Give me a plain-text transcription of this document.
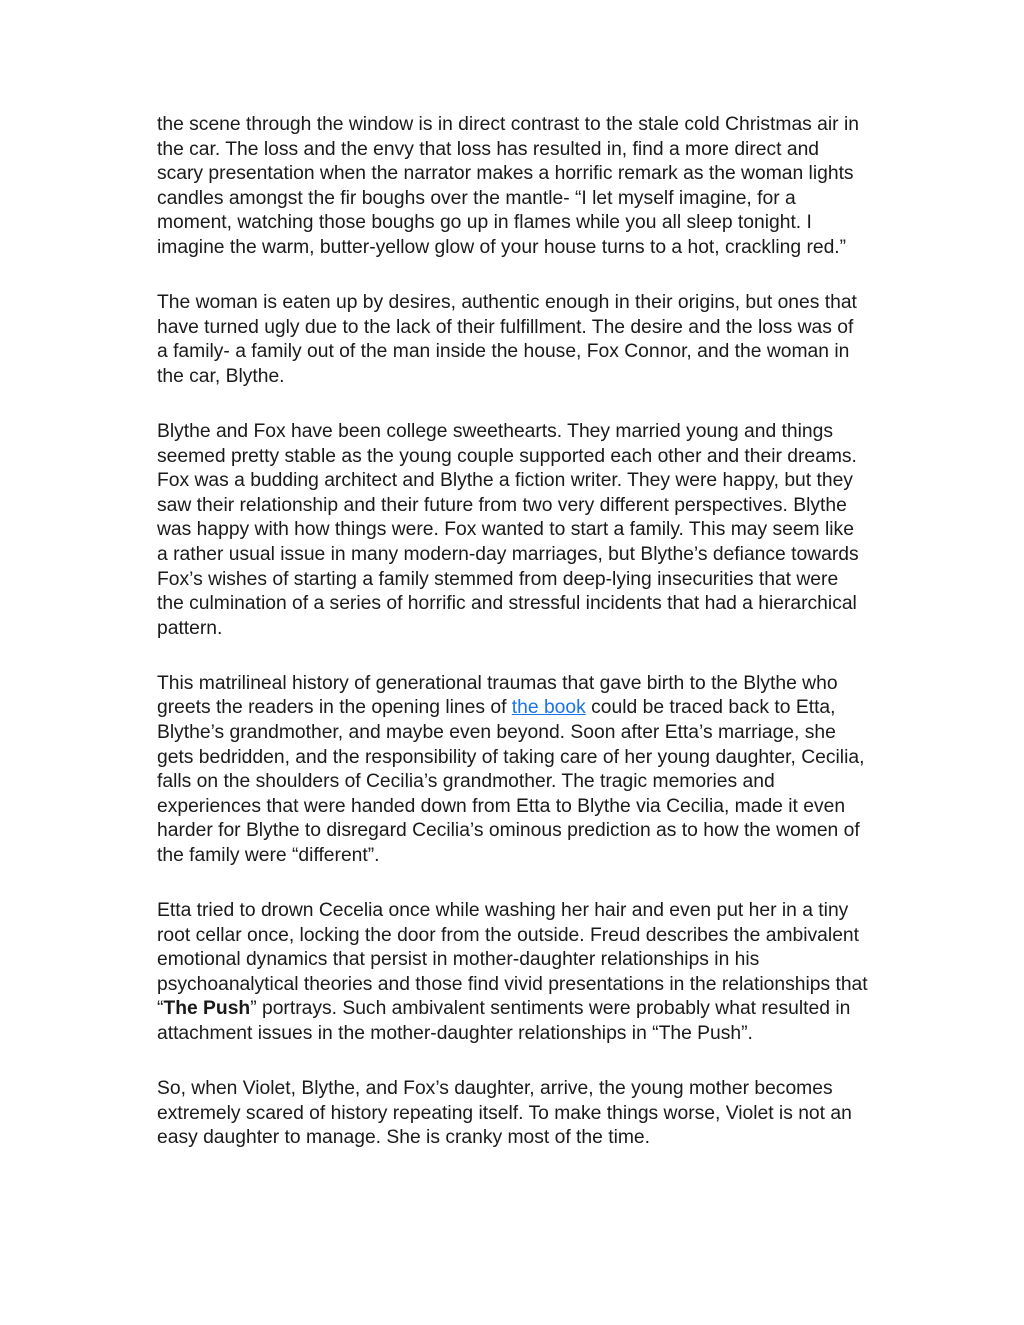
the scene through the window is in direct contrast to the stale cold Christmas air in the car. The loss and the envy that loss has resulted in, find a more direct and scary presentation when the narrator makes a horrific remark as the woman lights candles amongst the fir boughs over the mantle- “I let myself imagine, for a moment, watching those boughs go up in flames while you all sleep tonight. I imagine the warm, butter-yellow glow of your house turns to a hot, crackling red.”

The woman is eaten up by desires, authentic enough in their origins, but ones that have turned ugly due to the lack of their fulfillment. The desire and the loss was of a family- a family out of the man inside the house, Fox Connor, and the woman in the car, Blythe.

Blythe and Fox have been college sweethearts. They married young and things seemed pretty stable as the young couple supported each other and their dreams. Fox was a budding architect and Blythe a fiction writer. They were happy, but they saw their relationship and their future from two very different perspectives. Blythe was happy with how things were. Fox wanted to start a family. This may seem like a rather usual issue in many modern-day marriages, but Blythe’s defiance towards Fox’s wishes of starting a family stemmed from deep-lying insecurities that were the culmination of a series of horrific and stressful incidents that had a hierarchical pattern.

This matrilineal history of generational traumas that gave birth to the Blythe who greets the readers in the opening lines of the book could be traced back to Etta, Blythe’s grandmother, and maybe even beyond. Soon after Etta’s marriage, she gets bedridden, and the responsibility of taking care of her young daughter, Cecilia, falls on the shoulders of Cecilia’s grandmother. The tragic memories and experiences that were handed down from Etta to Blythe via Cecilia, made it even harder for Blythe to disregard Cecilia’s ominous prediction as to how the women of the family were “different”.

Etta tried to drown Cecelia once while washing her hair and even put her in a tiny root cellar once, locking the door from the outside. Freud describes the ambivalent emotional dynamics that persist in mother-daughter relationships in his psychoanalytical theories and those find vivid presentations in the relationships that “The Push” portrays. Such ambivalent sentiments were probably what resulted in attachment issues in the mother-daughter relationships in “The Push”.

So, when Violet, Blythe, and Fox’s daughter, arrive, the young mother becomes extremely scared of history repeating itself. To make things worse, Violet is not an easy daughter to manage. She is cranky most of the time.
